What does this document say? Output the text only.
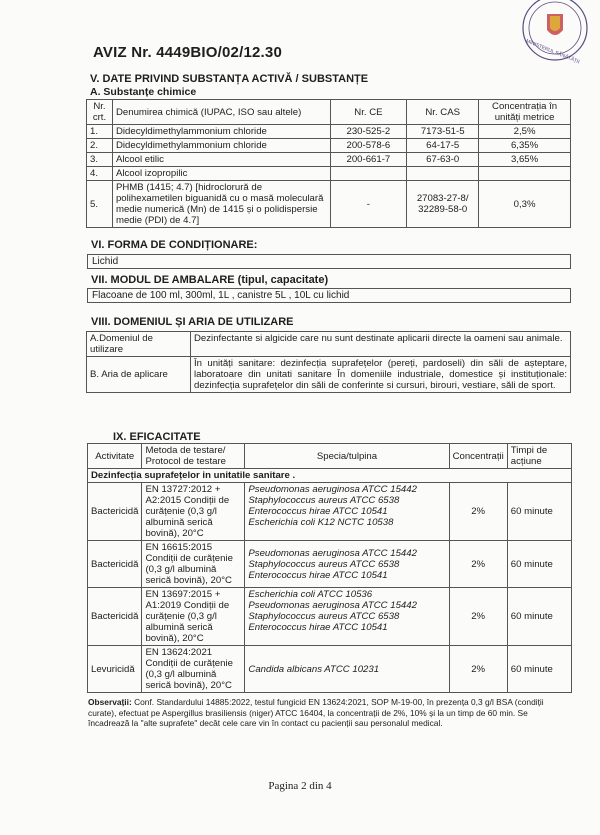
MINISTERUL SĂNĂTĂȚII
AVIZ Nr. 4449BIO/02/12.30
V. DATE PRIVIND SUBSTANȚA ACTIVĂ / SUBSTANȚE
A. Substanțe chimice
Nr. crt.	Denumirea chimică (IUPAC, ISO sau altele)	Nr. CE	Nr. CAS	Concentrația în unități metrice
1.	Didecyldimethylammonium chloride	230-525-2	7173-51-5	2,5%
2.	Didecyldimethylammonium chloride	200-578-6	64-17-5	6,35%
3.	Alcool etilic	200-661-7	67-63-0	3,65%
4.	Alcool izopropilic			
5.	PHMB (1415; 4.7) [hidroclorură de polihexametilen biguanidă cu o masă moleculară medie numerică (Mn) de 1415 și o polidispersie medie (PDI) de 4.7]	-	27083-27-8/ 32289-58-0	0,3%
VI. FORMA DE CONDIȚIONARE:
Lichid
VII. MODUL DE AMBALARE (tipul, capacitate)
Flacoane de 100 ml, 300ml, 1L , canistre 5L , 10L cu lichid
VIII. DOMENIUL ȘI ARIA DE UTILIZARE
A.Domeniul de utilizare	Dezinfectante si algicide care nu sunt destinate aplicarii directe la oameni sau animale.
B. Aria de aplicare	În unități sanitare: dezinfecția suprafețelor (pereți, pardoseli) din săli de așteptare, laboratoare din unitati sanitare În domeniile industriale, domestice și instituționale: dezinfecția suprafețelor din săli de conferinte si cursuri, birouri, vestiare, săli de sport.
IX. EFICACITATE
Activitate	Metoda de testare/ Protocol de testare	Specia/tulpina	Concentrații	Timpi de acțiune
Dezinfecția suprafețelor in unitatile sanitare .				
Bactericidă	EN 13727:2012 + A2:2015 Condiții de curățenie (0,3 g/l albumină serică bovină), 20°C	Pseudomonas aeruginosa ATCC 15442
Staphylococcus aureus ATCC 6538
Enterococcus hirae ATCC 10541
Escherichia coli K12 NCTC 10538	2%	60 minute
Bactericidă	EN 16615:2015 Condiții de curățenie (0,3 g/l albumină serică bovină), 20°C	Pseudomonas aeruginosa ATCC 15442
Staphylococcus aureus ATCC 6538
Enterococcus hirae ATCC 10541	2%	60 minute
Bactericidă	EN 13697:2015 + A1:2019 Condiții de curățenie (0,3 g/l albumină serică bovină), 20°C	Escherichia coli ATCC 10536
Pseudomonas aeruginosa ATCC 15442
Staphylococcus aureus ATCC 6538
Enterococcus hirae ATCC 10541	2%	60 minute
Levuricidă	EN 13624:2021 Condiții de curățenie (0,3 g/l albumină serică bovină), 20°C	Candida albicans ATCC 10231	2%	60 minute
Observații: Conf. Standardului 14885:2022, testul fungicid EN 13624:2021, SOP M-19-00, în prezența 0,3 g/l BSA (condiții curate), efectuat pe Aspergillus brasiliensis (niger) ATCC 16404, la concentrații de 2%, 10% și la un timp de 60 min. Se încadrează la "alte suprafete" decât cele care vin în contact cu pacienții sau personalul medical.
Pagina 2 din 4
